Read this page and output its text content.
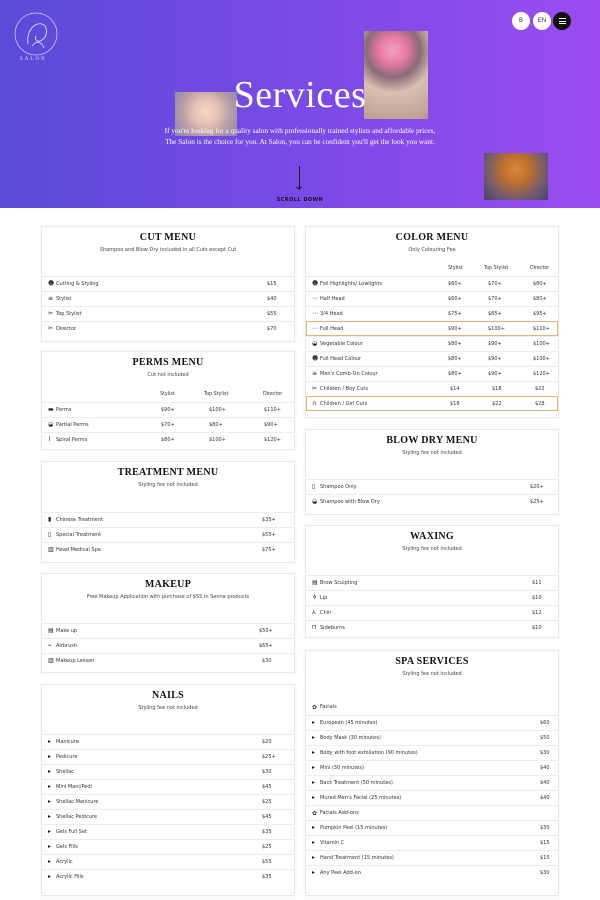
SALON
B	EN
Services
If you're looking for a quality salon with professionally trained stylists and affordable prices,
The Salon is the choice for you. At Salon, you can be confident you'll get the look you want.
SCROLL DOWN
CUT MENU
Shampoo and Blow Dry included in all Cuts except Cut
☻ Cutting & Styling	$15
≡ Stylist	$40
✂ Top Stylist	$55
✂ Director	$70
PERMS MENU
Cut not included
Stylist	Top Stylist	Director
▬ Perms	$90+	$100+	$110+
◒ Partial Perms	$70+	$80+	$90+
⌇	Spiral Perms	$80+	$100+	$120+
TREATMENT MENU
Styling fee not included
▮ Chinese Treatment	$35+
▯ Special Treatment	$55+
▥ Head Medical Spa	$75+
MAKEUP
Free Makeup Application with purchase of $55 in Senna products
▤ Make up	$50+
⌁ Airbrush	$65+
▥ Makeup Lesson	$30
NAILS
Styling fee not included
▸ Manicure	$20
▸ Pedicure	$25+
▸ Shellac	$30
▸ Mini Mani/Pedi	$45
▸ Shellac Manicure	$25
▸ Shellac Pedicure	$45
▸ Gels Full Set	$35
▸ Gels Fills	$25
▸ Acrylic	$55
▸ Acrylic Fills	$35
COLOR MENU
Only Colouring Fee
Stylist	Top Stylist	Director
☻ Foil Highlights/ Lowlights	$60+	$70+	$80+
⋯ Half Head	$60+	$70+	$80+
⋯ 3/4 Head	$75+	$85+	$95+
⋯ Full Head	$90+	$100+	$110+
◒ Vegetable Colour	$80+	$90+	$100+
☻ Full Head Colour	$80+	$90+	$100+
≡ Men's Comb-On Colour	$80+	$90+	$120+
✂ Children / Boy Cuts	$14	$18	$22
∩ Children / Girl Cuts	$18	$22	$28
BLOW DRY MENU
Styling fee not included
▯ Shampoo Only	$20+
◒ Shampoo with Blow Dry	$25+
WAXING
Styling fee not included
▤ Brow Sculpting	$11
⚱ Lip	$10
⅄ Chin	$12
⊓ Sideburns	$10
SPA SERVICES
Styling fee not included
✿ Facials
▸ European (45 minutes)	$60
▸ Body Mask (30 minutes)	$50
▸ Body with foot exfoliation (90 minutes)	$30
▸ Mini (30 minutes)	$40
▸ Back Treatment (50 minutes)	$40
▸ Murad Men's Facial (25 minutes)	$40
✿ Facials Add-ons
▸ Pumpkin Peel (15 minutes)	$30
▸ Vitamin C	$15
▸ Hand Treatment (15 minutes)	$15
▸ Any Peel Add-on	$30
